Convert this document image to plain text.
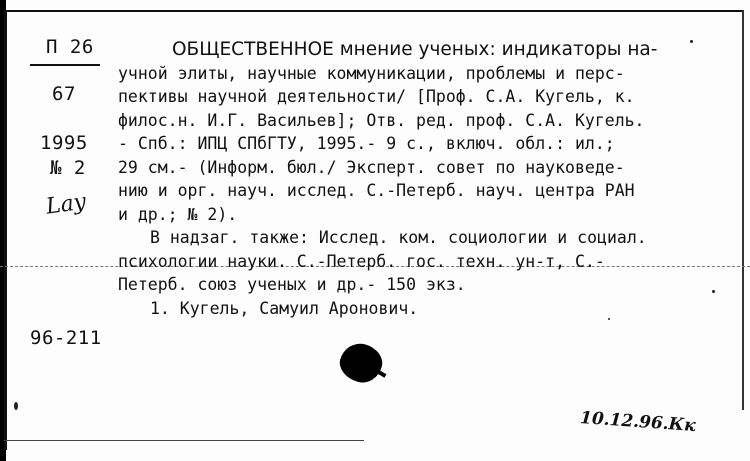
П 26
67
1995
№ 2
Lay
96-211
ОБЩЕСТВЕННОЕ мнение ученых: индикаторы на-
учной элиты, научные коммуникации, проблемы и перс-
пективы научной деятельности/ [Проф. С.А. Кугель, к.
филос.н. И.Г. Васильев]; Отв. ред. проф. С.А. Кугель.
- Спб.: ИПЦ СПбГТУ, 1995.- 9 с., включ. обл.: ил.;
29 см.- (Информ. бюл./ Эксперт. совет по науковеде-
нию и орг. науч. исслед. С.-Петерб. науч. центра РАН
и др.; № 2).
В надзаг. также: Исслед. ком. социологии и социал.
психологии науки. С.-Петерб. гос. техн. ун-т, С.-
Петерб. союз ученых и др.- 150 экз.
1. Кугель, Самуил Аронович.
10.12.96.Кк
